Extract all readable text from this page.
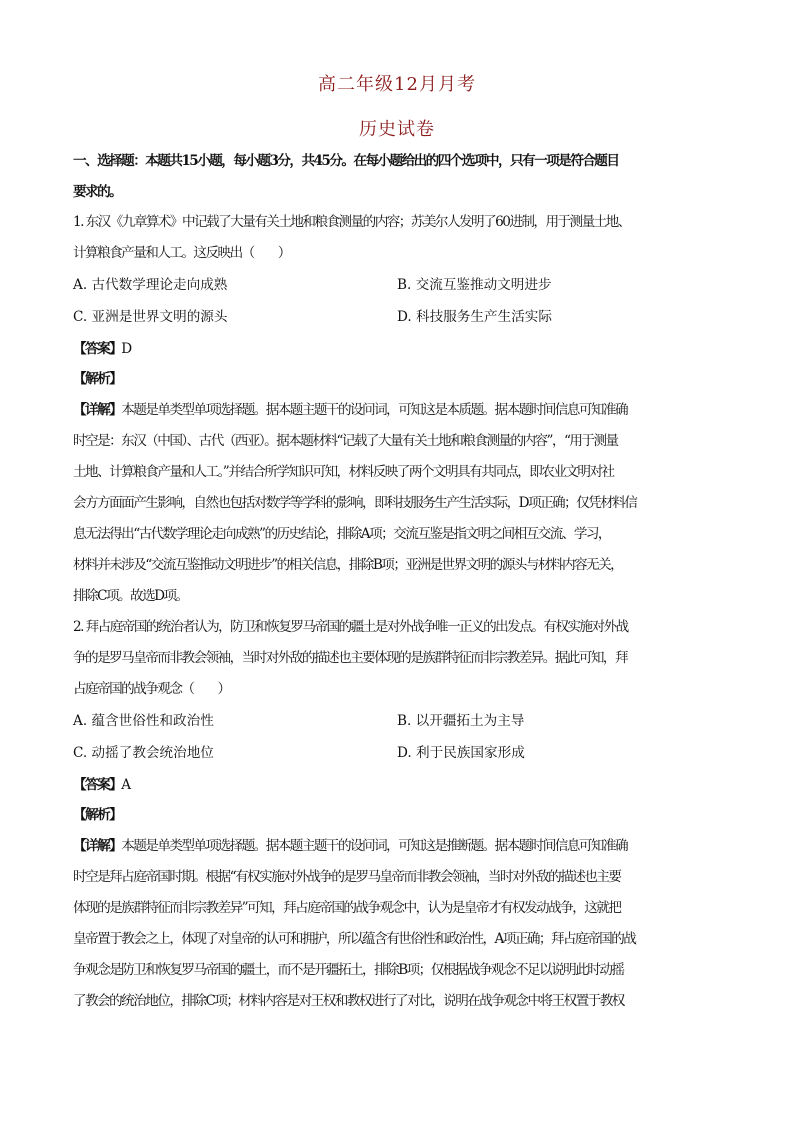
高二年级12月月考
历史试卷
一、选择题：本题共15小题，每小题3分，共45分。在每小题给出的四个选项中，只有一项是符合题目
要求的。
1. 东汉《九章算术》中记载了大量有关土地和粮食测量的内容；苏美尔人发明了60进制，用于测量土地、
计算粮食产量和人工。这反映出（　　）
A. 古代数学理论走向成熟	B. 交流互鉴推动文明进步
C. 亚洲是世界文明的源头	D. 科技服务生产生活实际
【答案】D
【解析】
【详解】本题是单类型单项选择题。据本题主题干的设问词，可知这是本质题。据本题时间信息可知准确
时空是：东汉（中国）、古代（西亚）。据本题材料“记载了大量有关土地和粮食测量的内容”，“用于测量
土地、计算粮食产量和人工。”并结合所学知识可知，材料反映了两个文明具有共同点，即农业文明对社
会方方面面产生影响，自然也包括对数学等学科的影响，即科技服务生产生活实际，D项正确；仅凭材料信
息无法得出“古代数学理论走向成熟”的历史结论，排除A项；交流互鉴是指文明之间相互交流、学习，
材料并未涉及“交流互鉴推动文明进步”的相关信息，排除B项；亚洲是世界文明的源头与材料内容无关，
排除C项。故选D项。
2. 拜占庭帝国的统治者认为，防卫和恢复罗马帝国的疆土是对外战争唯一正义的出发点。有权实施对外战
争的是罗马皇帝而非教会领袖，当时对外敌的描述也主要体现的是族群特征而非宗教差异。据此可知，拜
占庭帝国的战争观念（　　）
A. 蕴含世俗性和政治性	B. 以开疆拓土为主导
C. 动摇了教会统治地位	D. 利于民族国家形成
【答案】A
【解析】
【详解】本题是单类型单项选择题。据本题主题干的设问词，可知这是推断题。据本题时间信息可知准确
时空是拜占庭帝国时期。根据“有权实施对外战争的是罗马皇帝而非教会领袖，当时对外敌的描述也主要
体现的是族群特征而非宗教差异”可知，拜占庭帝国的战争观念中，认为是皇帝才有权发动战争，这就把
皇帝置于教会之上，体现了对皇帝的认可和拥护，所以蕴含有世俗性和政治性，A项正确；拜占庭帝国的战
争观念是防卫和恢复罗马帝国的疆土，而不是开疆拓土，排除B项；仅根据战争观念不足以说明此时动摇
了教会的统治地位，排除C项；材料内容是对王权和教权进行了对比，说明在战争观念中将王权置于教权
